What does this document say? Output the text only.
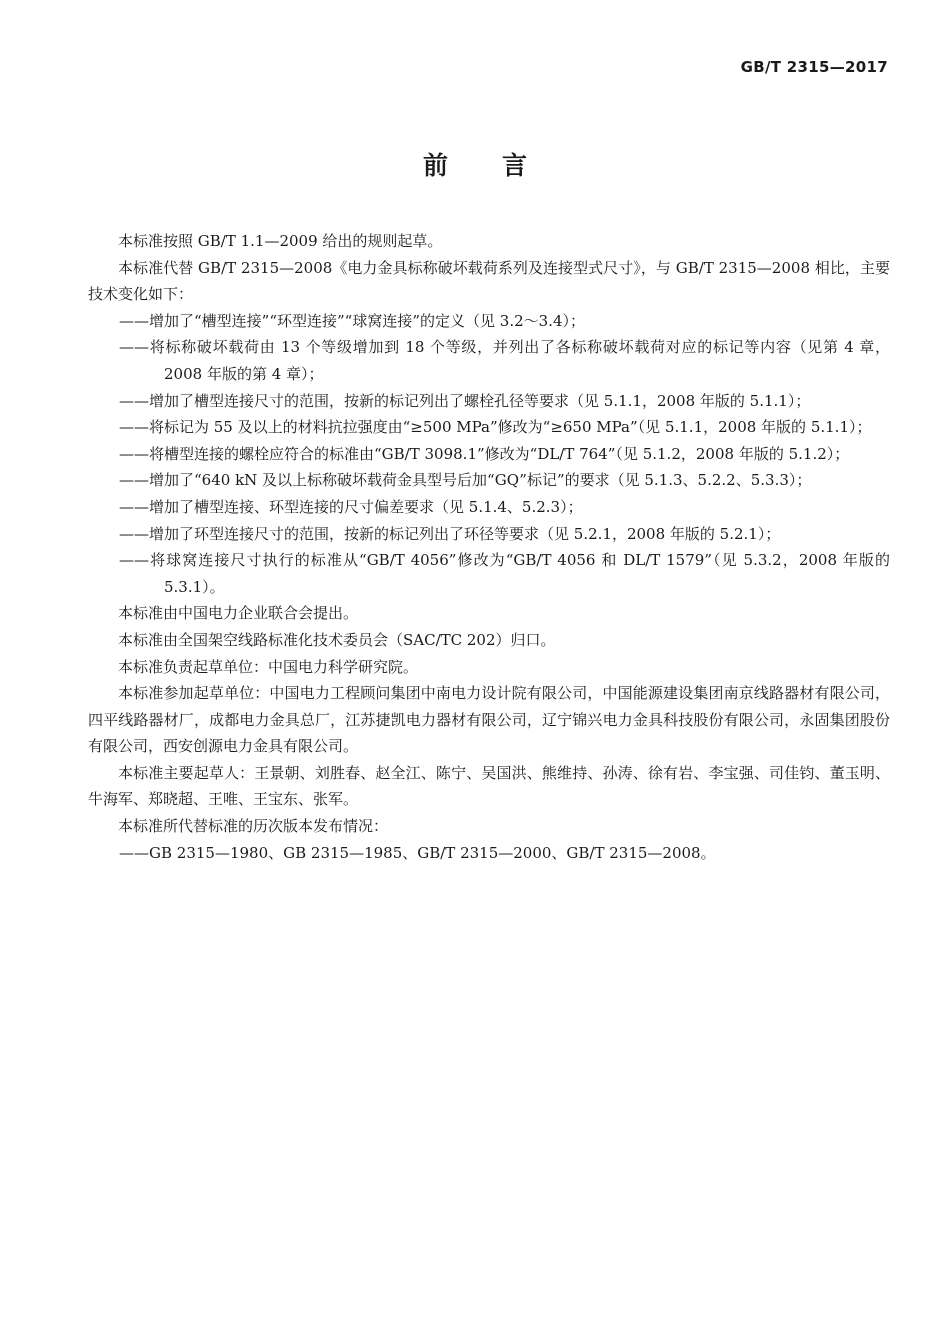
GB/T 2315—2017
前言

本标准按照 GB/T 1.1—2009 给出的规则起草。

本标准代替 GB/T 2315—2008《电力金具标称破坏载荷系列及连接型式尺寸》，与 GB/T 2315—2008 相比，主要技术变化如下：

——增加了“槽型连接”“环型连接”“球窝连接”的定义（见 3.2～3.4）；

——将标称破坏载荷由 13 个等级增加到 18 个等级，并列出了各标称破坏载荷对应的标记等内容（见第 4 章，2008 年版的第 4 章）；

——增加了槽型连接尺寸的范围，按新的标记列出了螺栓孔径等要求（见 5.1.1，2008 年版的 5.1.1）；

——将标记为 55 及以上的材料抗拉强度由“≥500 MPa”修改为“≥650 MPa”（见 5.1.1，2008 年版的 5.1.1）；

——将槽型连接的螺栓应符合的标准由“GB/T 3098.1”修改为“DL/T 764”（见 5.1.2，2008 年版的 5.1.2）；

——增加了“640 kN 及以上标称破坏载荷金具型号后加“GQ”标记”的要求（见 5.1.3、5.2.2、5.3.3）；

——增加了槽型连接、环型连接的尺寸偏差要求（见 5.1.4、5.2.3）；

——增加了环型连接尺寸的范围，按新的标记列出了环径等要求（见 5.2.1，2008 年版的 5.2.1）；

——将球窝连接尺寸执行的标准从“GB/T 4056”修改为“GB/T 4056 和 DL/T 1579”（见 5.3.2，2008 年版的 5.3.1）。

本标准由中国电力企业联合会提出。

本标准由全国架空线路标准化技术委员会（SAC/TC 202）归口。

本标准负责起草单位：中国电力科学研究院。

本标准参加起草单位：中国电力工程顾问集团中南电力设计院有限公司，中国能源建设集团南京线路器材有限公司，四平线路器材厂，成都电力金具总厂，江苏捷凯电力器材有限公司，辽宁锦兴电力金具科技股份有限公司，永固集团股份有限公司，西安创源电力金具有限公司。

本标准主要起草人：王景朝、刘胜春、赵全江、陈宁、吴国洪、熊维持、孙涛、徐有岩、李宝强、司佳钧、董玉明、牛海军、郑晓超、王唯、王宝东、张军。

本标准所代替标准的历次版本发布情况：

——GB 2315—1980、GB 2315—1985、GB/T 2315—2000、GB/T 2315—2008。
